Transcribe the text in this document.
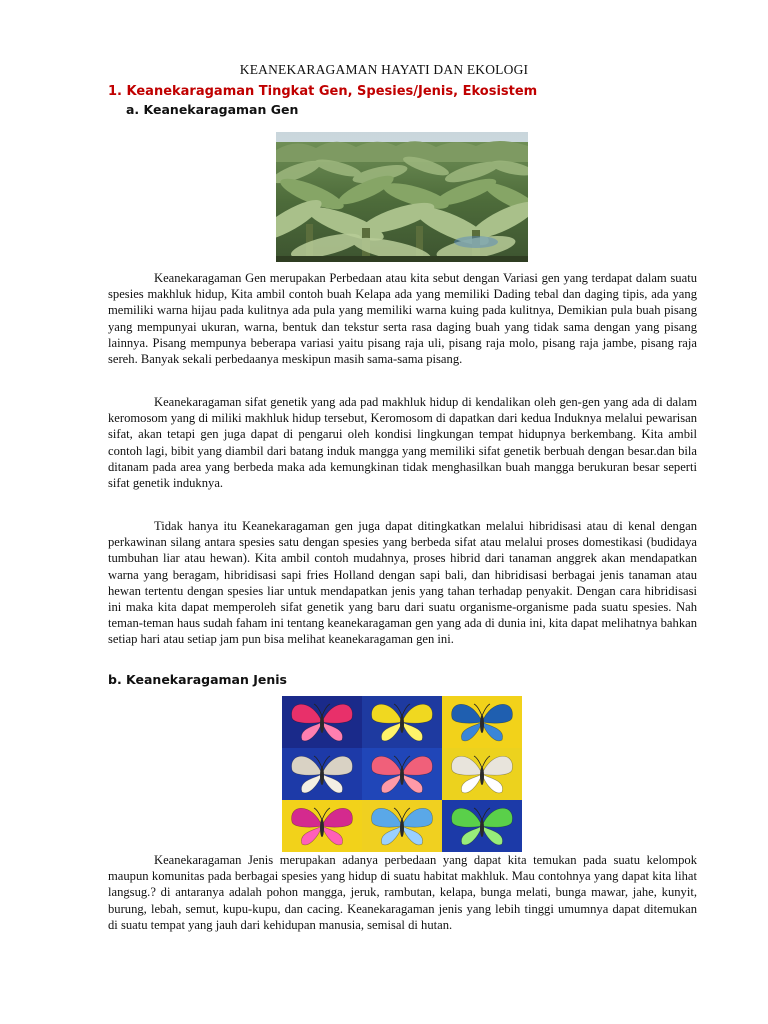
KEANEKARAGAMAN HAYATI DAN EKOLOGI
1. Keanekaragaman Tingkat Gen, Spesies/Jenis, Ekosistem
a. Keanekaragaman Gen

Keanekaragaman Gen merupakan Perbedaan atau kita sebut dengan Variasi gen yang terdapat dalam suatu spesies makhluk hidup, Kita ambil contoh buah Kelapa ada yang memiliki Dading tebal dan daging tipis, ada yang memiliki warna hijau pada kulitnya ada pula yang memiliki warna kuing pada kulitnya, Demikian pula buah pisang yang mempunyai ukuran, warna, bentuk dan tekstur serta rasa daging buah yang tidak sama dengan yang pisang lainnya. Pisang mempunya beberapa variasi yaitu pisang raja uli, pisang raja molo, pisang raja jambe, pisang raja sereh. Banyak sekali perbedaanya meskipun masih sama-sama pisang.

Keanekaragaman sifat genetik yang ada pad makhluk hidup di kendalikan oleh gen-gen yang ada di dalam keromosom yang di miliki makhluk hidup tersebut, Keromosom di dapatkan dari kedua Induknya melalui pewarisan sifat, akan tetapi gen juga dapat di pengarui oleh kondisi lingkungan tempat hidupnya berkembang. Kita ambil contoh lagi, bibit yang diambil dari batang induk mangga yang memiliki sifat genetik berbuah dengan besar.dan bila ditanam pada area yang berbeda maka ada kemungkinan tidak menghasilkan buah mangga berukuran besar seperti sifat genetik induknya.

Tidak hanya itu Keanekaragaman gen juga dapat ditingkatkan melalui hibridisasi atau di kenal dengan perkawinan silang antara spesies satu dengan spesies yang berbeda sifat atau melalui proses domestikasi (budidaya tumbuhan liar atau hewan). Kita ambil contoh mudahnya, proses hibrid dari tanaman anggrek akan mendapatkan warna yang beragam, hibridisasi sapi fries Holland dengan sapi bali, dan hibridisasi berbagai jenis tanaman atau hewan tertentu dengan spesies liar untuk mendapatkan jenis yang tahan terhadap penyakit. Dengan cara hibridisasi ini maka kita dapat memperoleh sifat genetik yang baru dari suatu organisme-organisme pada suatu spesies. Nah teman-teman haus sudah faham ini tentang keanekaragaman gen yang ada di dunia ini, kita dapat melihatnya bahkan setiap hari atau setiap jam pun bisa melihat keanekaragaman gen ini.

b. Keanekaragaman Jenis

Keanekaragaman Jenis merupakan adanya perbedaan yang dapat kita temukan pada suatu kelompok maupun komunitas pada berbagai spesies yang hidup di suatu habitat makhluk. Mau contohnya yang dapat kita lihat langsug.? di antaranya adalah pohon mangga, jeruk, rambutan, kelapa, bunga melati, bunga mawar, jahe, kunyit, burung, lebah, semut, kupu-kupu, dan cacing. Keanekaragaman jenis yang lebih tinggi umumnya dapat ditemukan di suatu tempat yang jauh dari kehidupan manusia, semisal di hutan.
